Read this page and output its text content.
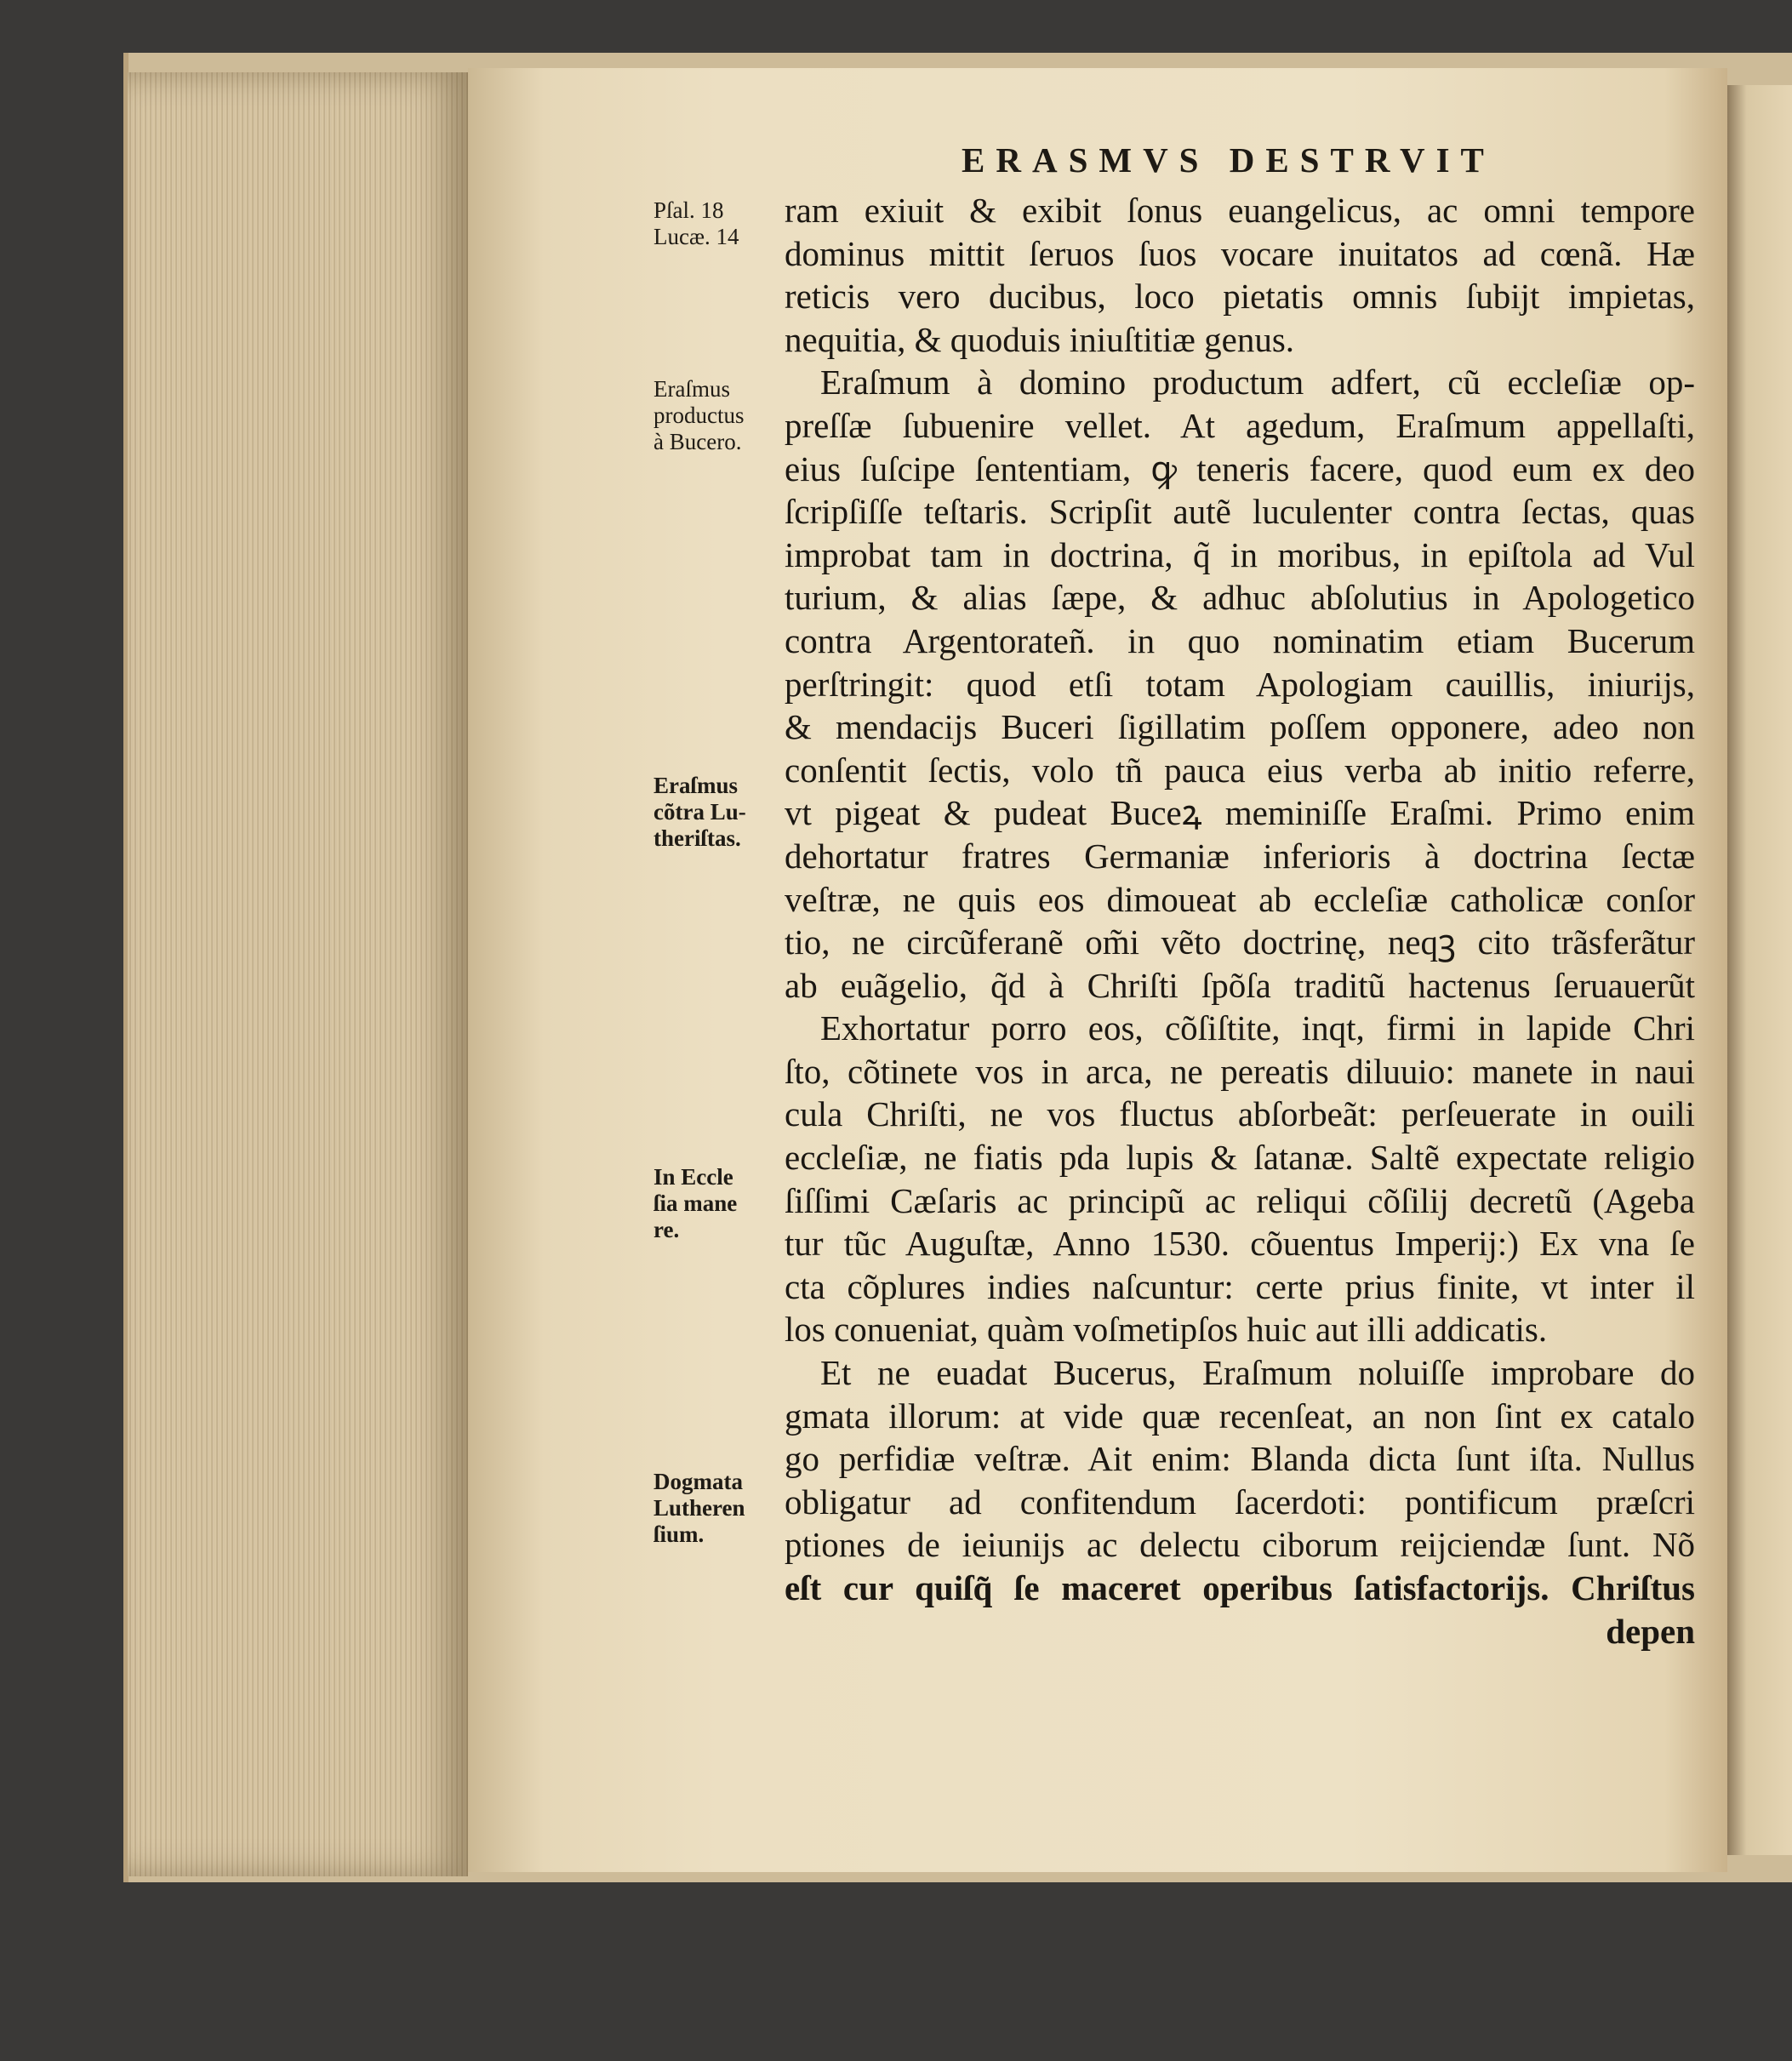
ERASMVS DESTRVIT
Pſal. 18
Lucæ. 14
Eraſmus
productus
à Bucero.
Eraſmus
cõtra Lu-
theriſtas.
In Eccle
ſia mane
re.
Dogmata
Lutheren
ſium.
ram exiuit & exibit ſonus euangelicus, ac omni tempore
dominus mittit ſeruos ſuos vocare inuitatos ad cœnã. Hæ
reticis vero ducibus, loco pietatis omnis ſubijt impietas,
nequitia, & quoduis iniuſtitiæ genus.
Eraſmum à domino productum adfert, cũ eccleſiæ op-
preſſæ ſubuenire vellet. At agedum, Eraſmum appellaſti,
eius ſuſcipe ſententiam, ꝙ teneris facere, quod eum ex deo
ſcripſiſſe teſtaris. Scripſit autẽ luculenter contra ſectas, quas
improbat tam in doctrina, q̃ in moribus, in epiſtola ad Vul
turium, & alias ſæpe, & adhuc abſolutius in Apologetico
contra Argentorateñ. in quo nominatim etiam Bucerum
perſtringit: quod etſi totam Apologiam cauillis, iniurijs,
& mendacijs Buceri ſigillatim poſſem opponere, adeo non
conſentit ſectis, volo tñ pauca eius verba ab initio referre,
vt pigeat & pudeat Buceꝝ meminiſſe Eraſmi. Primo enim
dehortatur fratres Germaniæ inferioris à doctrina ſectæ
veſtræ, ne quis eos dimoueat ab eccleſiæ catholicæ conſor
tio, ne circũferanẽ om̃i vẽto doctrinę, neqꝫ cito trãsferãtur
ab euãgelio, q̃d à Chriſti ſpõſa traditũ hactenus ſeruauerũt
Exhortatur porro eos, cõſiſtite, inqt, firmi in lapide Chri
ſto, cõtinete vos in arca, ne pereatis diluuio: manete in naui
cula Chriſti, ne vos fluctus abſorbeãt: perſeuerate in ouili
eccleſiæ, ne fiatis pda lupis & ſatanæ. Saltẽ expectate religio
ſiſſimi Cæſaris ac principũ ac reliqui cõſilij decretũ (Ageba
tur tũc Auguſtæ, Anno 1530. cõuentus Imperij:) Ex vna ſe
cta cõplures indies naſcuntur: certe prius finite, vt inter il
los conueniat, quàm voſmetipſos huic aut illi addicatis.
Et ne euadat Bucerus, Eraſmum noluiſſe improbare do
gmata illorum: at vide quæ recenſeat, an non ſint ex catalo
go perfidiæ veſtræ. Ait enim: Blanda dicta ſunt iſta. Nullus
obligatur ad confitendum ſacerdoti: pontificum præſcri
ptiones de ieiunijs ac delectu ciborum reijciendæ ſunt. Nõ
eſt cur quiſq̃ ſe maceret operibus ſatisfactorijs. Chriſtus
depen
